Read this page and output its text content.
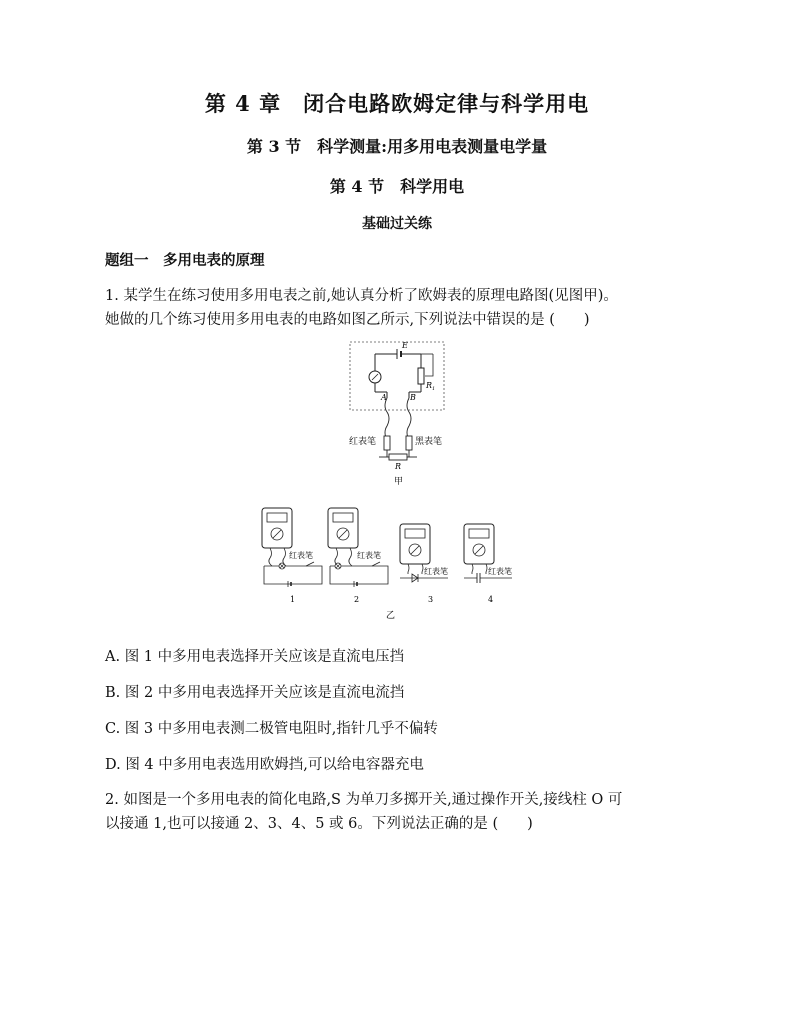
第 4 章　闭合电路欧姆定律与科学用电
第 3 节　科学测量:用多用电表测量电学量
第 4 节　科学用电
基础过关练
题组一　多用电表的原理
1. 某学生在练习使用多用电表之前,她认真分析了欧姆表的原理电路图(见图甲)。
她做的几个练习使用多用电表的电路如图乙所示,下列说法中错误的是 (　　)
E
$R_1$
A	B
红表笔	黑表笔
R
甲
红表笔
1
红表笔
2
红表笔
3
红表笔
4
乙
A. 图 1 中多用电表选择开关应该是直流电压挡
B. 图 2 中多用电表选择开关应该是直流电流挡
C. 图 3 中多用电表测二极管电阻时,指针几乎不偏转
D. 图 4 中多用电表选用欧姆挡,可以给电容器充电
2. 如图是一个多用电表的简化电路,S 为单刀多掷开关,通过操作开关,接线柱 O 可
以接通 1,也可以接通 2、3、4、5 或 6。下列说法正确的是 (　　)
